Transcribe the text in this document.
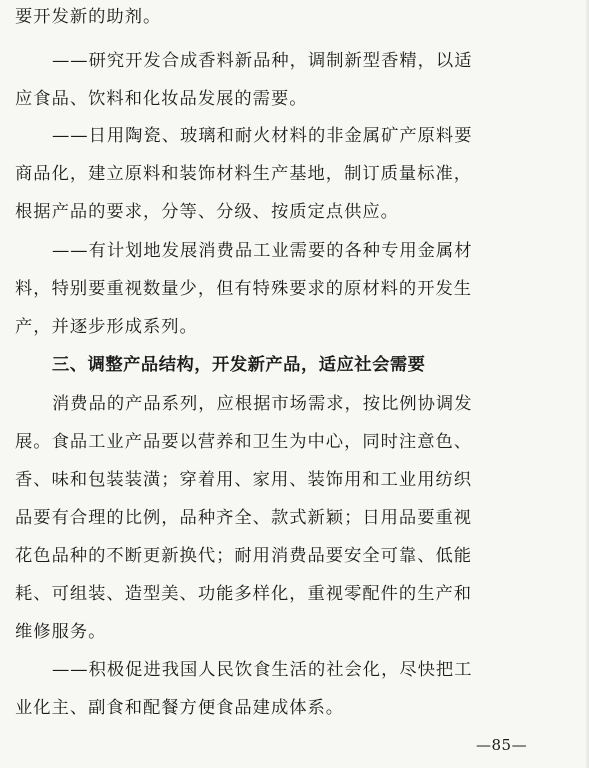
要开发新的助剂。
——研究开发合成香料新品种，调制新型香精，以适
应食品、饮料和化妆品发展的需要。
——日用陶瓷、玻璃和耐火材料的非金属矿产原料要
商品化，建立原料和装饰材料生产基地，制订质量标准，
根据产品的要求，分等、分级、按质定点供应。
——有计划地发展消费品工业需要的各种专用金属材
料，特别要重视数量少，但有特殊要求的原材料的开发生
产，并逐步形成系列。
三、调整产品结构，开发新产品，适应社会需要
消费品的产品系列，应根据市场需求，按比例协调发
展。食品工业产品要以营养和卫生为中心，同时注意色、
香、味和包装装潢；穿着用、家用、装饰用和工业用纺织
品要有合理的比例，品种齐全、款式新颖；日用品要重视
花色品种的不断更新换代；耐用消费品要安全可靠、低能
耗、可组装、造型美、功能多样化，重视零配件的生产和
维修服务。
——积极促进我国人民饮食生活的社会化，尽快把工
业化主、副食和配餐方便食品建成体系。
—85—
